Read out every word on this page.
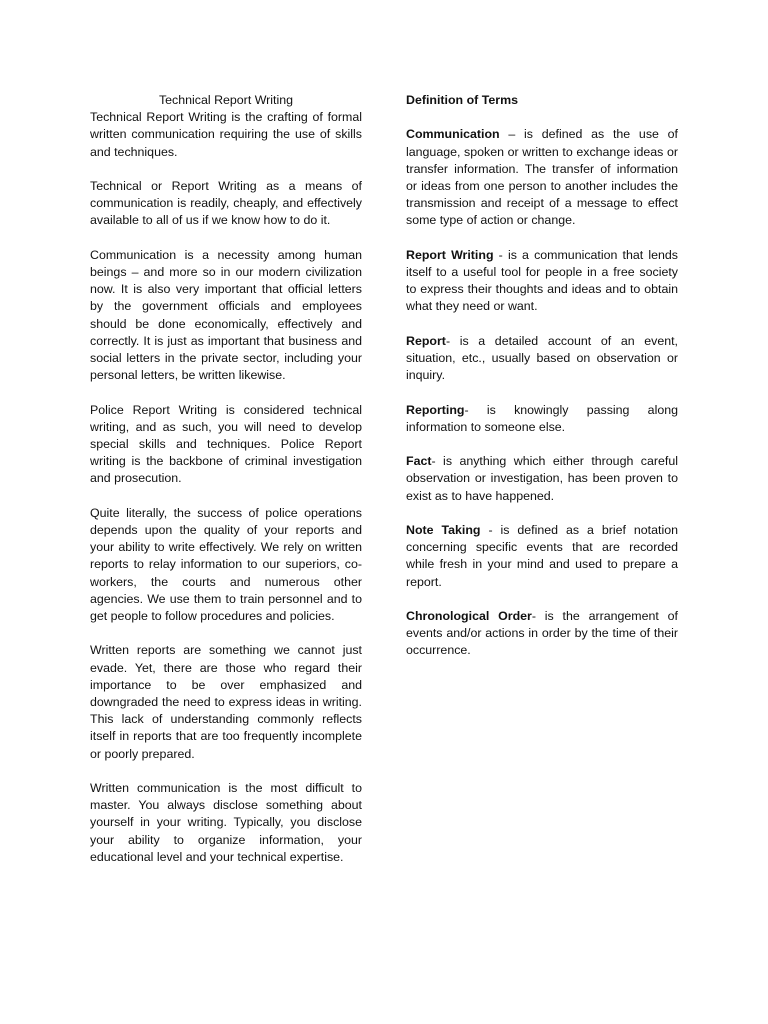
Technical Report Writing

Technical Report Writing is the crafting of formal written communication requiring the use of skills and techniques.

Technical or Report Writing as a means of communication is readily, cheaply, and effectively available to all of us if we know how to do it.

Communication is a necessity among human beings – and more so in our modern civilization now. It is also very important that official letters by the government officials and employees should be done economically, effectively and correctly. It is just as important that business and social letters in the private sector, including your personal letters, be written likewise.

Police Report Writing is considered technical writing, and as such, you will need to develop special skills and techniques. Police Report writing is the backbone of criminal investigation and prosecution.

Quite literally, the success of police operations depends upon the quality of your reports and your ability to write effectively. We rely on written reports to relay information to our superiors, co-workers, the courts and numerous other agencies. We use them to train personnel and to get people to follow procedures and policies.

Written reports are something we cannot just evade. Yet, there are those who regard their importance to be over emphasized and downgraded the need to express ideas in writing. This lack of understanding commonly reflects itself in reports that are too frequently incomplete or poorly prepared.

Written communication is the most difficult to master. You always disclose something about yourself in your writing. Typically, you disclose your ability to organize information, your educational level and your technical expertise.

Definition of Terms

Communication – is defined as the use of language, spoken or written to exchange ideas or transfer information. The transfer of information or ideas from one person to another includes the transmission and receipt of a message to effect some type of action or change.

Report Writing - is a communication that lends itself to a useful tool for people in a free society to express their thoughts and ideas and to obtain what they need or want.

Report- is a detailed account of an event, situation, etc., usually based on observation or inquiry.

Reporting- is knowingly passing along information to someone else.

Fact- is anything which either through careful observation or investigation, has been proven to exist as to have happened.

Note Taking - is defined as a brief notation concerning specific events that are recorded while fresh in your mind and used to prepare a report.

Chronological Order- is the arrangement of events and/or actions in order by the time of their occurrence.
